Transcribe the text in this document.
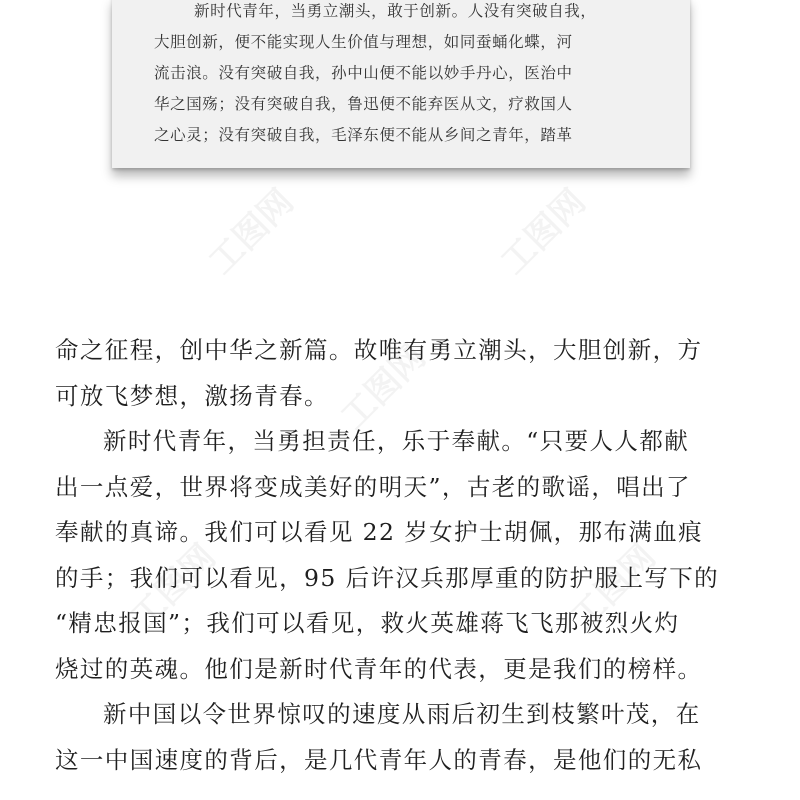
工图网	工图网
工图网
工图网	工图网
新时代青年，当勇立潮头，敢于创新。人没有突破自我，
大胆创新，便不能实现人生价值与理想，如同蚕蛹化蝶，河
流击浪。没有突破自我，孙中山便不能以妙手丹心，医治中
华之国殇；没有突破自我，鲁迅便不能弃医从文，疗救国人
之心灵；没有突破自我，毛泽东便不能从乡间之青年，踏革
命之征程，创中华之新篇。故唯有勇立潮头，大胆创新，方
可放飞梦想，激扬青春。
新时代青年，当勇担责任，乐于奉献。“只要人人都献
出一点爱，世界将变成美好的明天”，古老的歌谣，唱出了
奉献的真谛。我们可以看见 22 岁女护士胡佩，那布满血痕
的手；我们可以看见，95 后许汉兵那厚重的防护服上写下的
“精忠报国”；我们可以看见，救火英雄蒋飞飞那被烈火灼
烧过的英魂。他们是新时代青年的代表，更是我们的榜样。
新中国以令世界惊叹的速度从雨后初生到枝繁叶茂，在
这一中国速度的背后，是几代青年人的青春，是他们的无私
